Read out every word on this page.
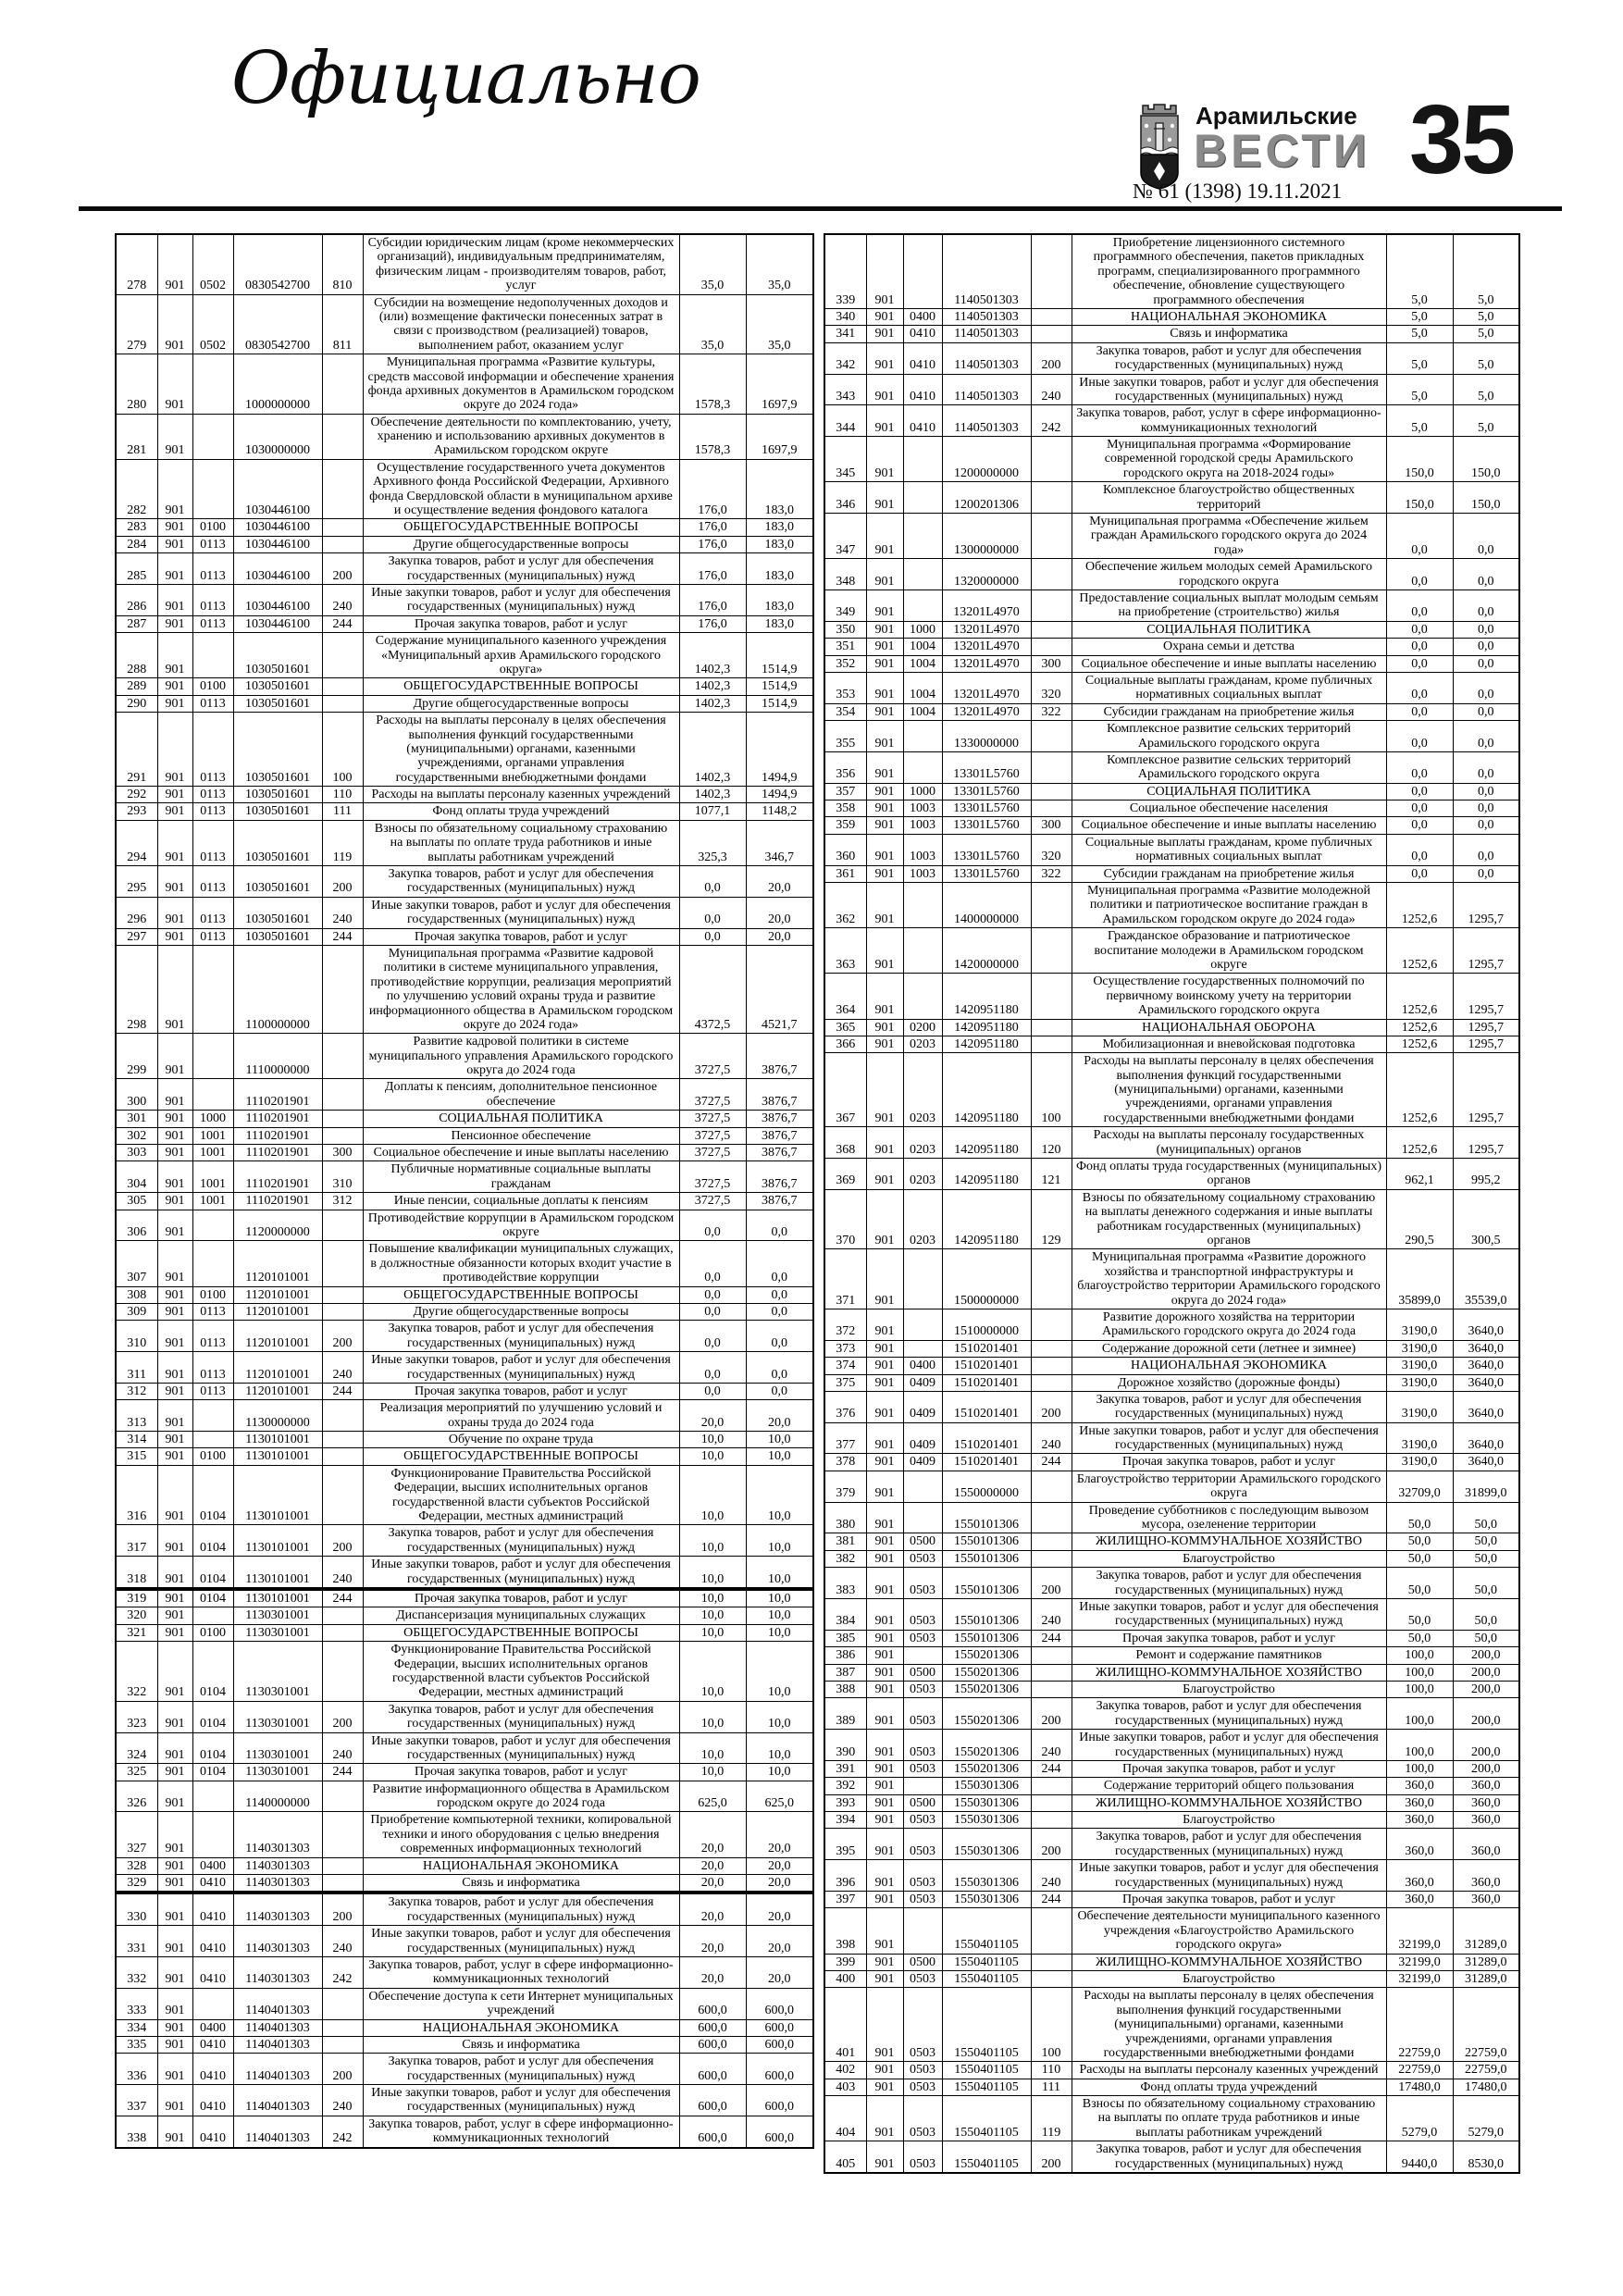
Официально	Арамильские
ВЕСТИ
№ 61 (1398) 19.11.2021 35
278	901	0502	0830542700	810	Субсидии юридическим лицам (кроме некоммерческих организаций), индивидуальным предпринимателям, физическим лицам - производителям товаров, работ, услуг	35,0	35,0
279	901	0502	0830542700	811	Субсидии на возмещение недополученных доходов и (или) возмещение фактически понесенных затрат в связи с производством (реализацией) товаров, выполнением работ, оказанием услуг	35,0	35,0
280	901		1000000000		Муниципальная программа «Развитие культуры, средств массовой информации и обеспечение хранения фонда архивных документов в Арамильском городском округе до 2024 года»	1578,3	1697,9
281	901		1030000000		Обеспечение деятельности по комплектованию, учету, хранению и использованию архивных документов в Арамильском городском округе	1578,3	1697,9
282	901		1030446100		Осуществление государственного учета документов Архивного фонда Российской Федерации, Архивного фонда Свердловской области в муниципальном архиве и осуществление ведения фондового каталога	176,0	183,0
283	901	0100	1030446100		ОБЩЕГОСУДАРСТВЕННЫЕ ВОПРОСЫ	176,0	183,0
284	901	0113	1030446100		Другие общегосударственные вопросы	176,0	183,0
285	901	0113	1030446100	200	Закупка товаров, работ и услуг для обеспечения государственных (муниципальных) нужд	176,0	183,0
286	901	0113	1030446100	240	Иные закупки товаров, работ и услуг для обеспечения государственных (муниципальных) нужд	176,0	183,0
287	901	0113	1030446100	244	Прочая закупка товаров, работ и услуг	176,0	183,0
288	901		1030501601		Содержание муниципального казенного учреждения «Муниципальный архив Арамильского городского округа»	1402,3	1514,9
289	901	0100	1030501601		ОБЩЕГОСУДАРСТВЕННЫЕ ВОПРОСЫ	1402,3	1514,9
290	901	0113	1030501601		Другие общегосударственные вопросы	1402,3	1514,9
291	901	0113	1030501601	100	Расходы на выплаты персоналу в целях обеспечения выполнения функций государственными (муниципальными) органами, казенными учреждениями, органами управления государственными внебюджетными фондами	1402,3	1494,9
292	901	0113	1030501601	110	Расходы на выплаты персоналу казенных учреждений	1402,3	1494,9
293	901	0113	1030501601	111	Фонд оплаты труда учреждений	1077,1	1148,2
294	901	0113	1030501601	119	Взносы по обязательному социальному страхованию на выплаты по оплате труда работников и иные выплаты работникам учреждений	325,3	346,7
295	901	0113	1030501601	200	Закупка товаров, работ и услуг для обеспечения государственных (муниципальных) нужд	0,0	20,0
296	901	0113	1030501601	240	Иные закупки товаров, работ и услуг для обеспечения государственных (муниципальных) нужд	0,0	20,0
297	901	0113	1030501601	244	Прочая закупка товаров, работ и услуг	0,0	20,0
298	901		1100000000		Муниципальная программа «Развитие кадровой политики в системе муниципального управления, противодействие коррупции, реализация мероприятий по улучшению условий охраны труда и развитие информационного общества в Арамильском городском округе до 2024 года»	4372,5	4521,7
299	901		1110000000		Развитие кадровой политики в системе муниципального управления Арамильского городского округа до 2024 года	3727,5	3876,7
300	901		1110201901		Доплаты к пенсиям, дополнительное пенсионное обеспечение	3727,5	3876,7
301	901	1000	1110201901		СОЦИАЛЬНАЯ ПОЛИТИКА	3727,5	3876,7
302	901	1001	1110201901		Пенсионное обеспечение	3727,5	3876,7
303	901	1001	1110201901	300	Социальное обеспечение и иные выплаты населению	3727,5	3876,7
304	901	1001	1110201901	310	Публичные нормативные социальные выплаты гражданам	3727,5	3876,7
305	901	1001	1110201901	312	Иные пенсии, социальные доплаты к пенсиям	3727,5	3876,7
306	901		1120000000		Противодействие коррупции в Арамильском городском округе	0,0	0,0
307	901		1120101001		Повышение квалификации муниципальных служащих, в должностные обязанности которых входит участие в противодействие коррупции	0,0	0,0
308	901	0100	1120101001		ОБЩЕГОСУДАРСТВЕННЫЕ ВОПРОСЫ	0,0	0,0
309	901	0113	1120101001		Другие общегосударственные вопросы	0,0	0,0
310	901	0113	1120101001	200	Закупка товаров, работ и услуг для обеспечения государственных (муниципальных) нужд	0,0	0,0
311	901	0113	1120101001	240	Иные закупки товаров, работ и услуг для обеспечения государственных (муниципальных) нужд	0,0	0,0
312	901	0113	1120101001	244	Прочая закупка товаров, работ и услуг	0,0	0,0
313	901		1130000000		Реализация мероприятий по улучшению условий и охраны труда до 2024 года	20,0	20,0
314	901		1130101001		Обучение по охране труда	10,0	10,0
315	901	0100	1130101001		ОБЩЕГОСУДАРСТВЕННЫЕ ВОПРОСЫ	10,0	10,0
316	901	0104	1130101001		Функционирование Правительства Российской Федерации, высших исполнительных органов государственной власти субъектов Российской Федерации, местных администраций	10,0	10,0
317	901	0104	1130101001	200	Закупка товаров, работ и услуг для обеспечения государственных (муниципальных) нужд	10,0	10,0
318	901	0104	1130101001	240	Иные закупки товаров, работ и услуг для обеспечения государственных (муниципальных) нужд	10,0	10,0
319	901	0104	1130101001	244	Прочая закупка товаров, работ и услуг	10,0	10,0
320	901		1130301001		Диспансеризация муниципальных служащих	10,0	10,0
321	901	0100	1130301001		ОБЩЕГОСУДАРСТВЕННЫЕ ВОПРОСЫ	10,0	10,0
322	901	0104	1130301001		Функционирование Правительства Российской Федерации, высших исполнительных органов государственной власти субъектов Российской Федерации, местных администраций	10,0	10,0
323	901	0104	1130301001	200	Закупка товаров, работ и услуг для обеспечения государственных (муниципальных) нужд	10,0	10,0
324	901	0104	1130301001	240	Иные закупки товаров, работ и услуг для обеспечения государственных (муниципальных) нужд	10,0	10,0
325	901	0104	1130301001	244	Прочая закупка товаров, работ и услуг	10,0	10,0
326	901		1140000000		Развитие информационного общества в Арамильском городском округе до 2024 года	625,0	625,0
327	901		1140301303		Приобретение компьютерной техники, копировальной техники и иного оборудования с целью внедрения современных информационных технологий	20,0	20,0
328	901	0400	1140301303		НАЦИОНАЛЬНАЯ ЭКОНОМИКА	20,0	20,0
329	901	0410	1140301303		Связь и информатика	20,0	20,0
330	901	0410	1140301303	200	Закупка товаров, работ и услуг для обеспечения государственных (муниципальных) нужд	20,0	20,0
331	901	0410	1140301303	240	Иные закупки товаров, работ и услуг для обеспечения государственных (муниципальных) нужд	20,0	20,0
332	901	0410	1140301303	242	Закупка товаров, работ, услуг в сфере информационно-коммуникационных технологий	20,0	20,0
333	901		1140401303		Обеспечение доступа к сети Интернет муниципальных учреждений	600,0	600,0
334	901	0400	1140401303		НАЦИОНАЛЬНАЯ ЭКОНОМИКА	600,0	600,0
335	901	0410	1140401303		Связь и информатика	600,0	600,0
336	901	0410	1140401303	200	Закупка товаров, работ и услуг для обеспечения государственных (муниципальных) нужд	600,0	600,0
337	901	0410	1140401303	240	Иные закупки товаров, работ и услуг для обеспечения государственных (муниципальных) нужд	600,0	600,0
338	901	0410	1140401303	242	Закупка товаров, работ, услуг в сфере информационно-коммуникационных технологий	600,0	600,0
339	901		1140501303		Приобретение лицензионного системного программного обеспечения, пакетов прикладных программ, специализированного программного обеспечение, обновление существующего программного обеспечения	5,0	5,0
340	901	0400	1140501303		НАЦИОНАЛЬНАЯ ЭКОНОМИКА	5,0	5,0
341	901	0410	1140501303		Связь и информатика	5,0	5,0
342	901	0410	1140501303	200	Закупка товаров, работ и услуг для обеспечения государственных (муниципальных) нужд	5,0	5,0
343	901	0410	1140501303	240	Иные закупки товаров, работ и услуг для обеспечения государственных (муниципальных) нужд	5,0	5,0
344	901	0410	1140501303	242	Закупка товаров, работ, услуг в сфере информационно-коммуникационных технологий	5,0	5,0
345	901		1200000000		Муниципальная программа «Формирование современной городской среды Арамильского городского округа на 2018-2024 годы»	150,0	150,0
346	901		1200201306		Комплексное благоустройство общественных территорий	150,0	150,0
347	901		1300000000		Муниципальная программа «Обеспечение жильем граждан Арамильского городского округа до 2024 года»	0,0	0,0
348	901		1320000000		Обеспечение жильем молодых семей Арамильского городского округа	0,0	0,0
349	901		13201L4970		Предоставление социальных выплат молодым семьям на приобретение (строительство) жилья	0,0	0,0
350	901	1000	13201L4970		СОЦИАЛЬНАЯ ПОЛИТИКА	0,0	0,0
351	901	1004	13201L4970		Охрана семьи и детства	0,0	0,0
352	901	1004	13201L4970	300	Социальное обеспечение и иные выплаты населению	0,0	0,0
353	901	1004	13201L4970	320	Социальные выплаты гражданам, кроме публичных нормативных социальных выплат	0,0	0,0
354	901	1004	13201L4970	322	Субсидии гражданам на приобретение жилья	0,0	0,0
355	901		1330000000		Комплексное развитие сельских территорий Арамильского городского округа	0,0	0,0
356	901		13301L5760		Комплексное развитие сельских территорий Арамильского городского округа	0,0	0,0
357	901	1000	13301L5760		СОЦИАЛЬНАЯ ПОЛИТИКА	0,0	0,0
358	901	1003	13301L5760		Социальное обеспечение населения	0,0	0,0
359	901	1003	13301L5760	300	Социальное обеспечение и иные выплаты населению	0,0	0,0
360	901	1003	13301L5760	320	Социальные выплаты гражданам, кроме публичных нормативных социальных выплат	0,0	0,0
361	901	1003	13301L5760	322	Субсидии гражданам на приобретение жилья	0,0	0,0
362	901		1400000000		Муниципальная программа «Развитие молодежной политики и патриотическое воспитание граждан в Арамильском городском округе до 2024 года»	1252,6	1295,7
363	901		1420000000		Гражданское образование и патриотическое воспитание молодежи в Арамильском городском округе	1252,6	1295,7
364	901		1420951180		Осуществление государственных полномочий по первичному воинскому учету на территории Арамильского городского округа	1252,6	1295,7
365	901	0200	1420951180		НАЦИОНАЛЬНАЯ ОБОРОНА	1252,6	1295,7
366	901	0203	1420951180		Мобилизационная и вневойсковая подготовка	1252,6	1295,7
367	901	0203	1420951180	100	Расходы на выплаты персоналу в целях обеспечения выполнения функций государственными (муниципальными) органами, казенными учреждениями, органами управления государственными внебюджетными фондами	1252,6	1295,7
368	901	0203	1420951180	120	Расходы на выплаты персоналу государственных (муниципальных) органов	1252,6	1295,7
369	901	0203	1420951180	121	Фонд оплаты труда государственных (муниципальных) органов	962,1	995,2
370	901	0203	1420951180	129	Взносы по обязательному социальному страхованию на выплаты денежного содержания и иные выплаты работникам государственных (муниципальных) органов	290,5	300,5
371	901		1500000000		Муниципальная программа «Развитие дорожного хозяйства и транспортной инфраструктуры и благоустройство территории Арамильского городского округа до 2024 года»	35899,0	35539,0
372	901		1510000000		Развитие дорожного хозяйства на территории Арамильского городского округа до 2024 года	3190,0	3640,0
373	901		1510201401		Содержание дорожной сети (летнее и зимнее)	3190,0	3640,0
374	901	0400	1510201401		НАЦИОНАЛЬНАЯ ЭКОНОМИКА	3190,0	3640,0
375	901	0409	1510201401		Дорожное хозяйство (дорожные фонды)	3190,0	3640,0
376	901	0409	1510201401	200	Закупка товаров, работ и услуг для обеспечения государственных (муниципальных) нужд	3190,0	3640,0
377	901	0409	1510201401	240	Иные закупки товаров, работ и услуг для обеспечения государственных (муниципальных) нужд	3190,0	3640,0
378	901	0409	1510201401	244	Прочая закупка товаров, работ и услуг	3190,0	3640,0
379	901		1550000000		Благоустройство территории Арамильского городского округа	32709,0	31899,0
380	901		1550101306		Проведение субботников с последующим вывозом мусора, озеленение территории	50,0	50,0
381	901	0500	1550101306		ЖИЛИЩНО-КОММУНАЛЬНОЕ ХОЗЯЙСТВО	50,0	50,0
382	901	0503	1550101306		Благоустройство	50,0	50,0
383	901	0503	1550101306	200	Закупка товаров, работ и услуг для обеспечения государственных (муниципальных) нужд	50,0	50,0
384	901	0503	1550101306	240	Иные закупки товаров, работ и услуг для обеспечения государственных (муниципальных) нужд	50,0	50,0
385	901	0503	1550101306	244	Прочая закупка товаров, работ и услуг	50,0	50,0
386	901		1550201306		Ремонт и содержание памятников	100,0	200,0
387	901	0500	1550201306		ЖИЛИЩНО-КОММУНАЛЬНОЕ ХОЗЯЙСТВО	100,0	200,0
388	901	0503	1550201306		Благоустройство	100,0	200,0
389	901	0503	1550201306	200	Закупка товаров, работ и услуг для обеспечения государственных (муниципальных) нужд	100,0	200,0
390	901	0503	1550201306	240	Иные закупки товаров, работ и услуг для обеспечения государственных (муниципальных) нужд	100,0	200,0
391	901	0503	1550201306	244	Прочая закупка товаров, работ и услуг	100,0	200,0
392	901		1550301306		Содержание территорий общего пользования	360,0	360,0
393	901	0500	1550301306		ЖИЛИЩНО-КОММУНАЛЬНОЕ ХОЗЯЙСТВО	360,0	360,0
394	901	0503	1550301306		Благоустройство	360,0	360,0
395	901	0503	1550301306	200	Закупка товаров, работ и услуг для обеспечения государственных (муниципальных) нужд	360,0	360,0
396	901	0503	1550301306	240	Иные закупки товаров, работ и услуг для обеспечения государственных (муниципальных) нужд	360,0	360,0
397	901	0503	1550301306	244	Прочая закупка товаров, работ и услуг	360,0	360,0
398	901		1550401105		Обеспечение деятельности муниципального казенного учреждения «Благоустройство Арамильского городского округа»	32199,0	31289,0
399	901	0500	1550401105		ЖИЛИЩНО-КОММУНАЛЬНОЕ ХОЗЯЙСТВО	32199,0	31289,0
400	901	0503	1550401105		Благоустройство	32199,0	31289,0
401	901	0503	1550401105	100	Расходы на выплаты персоналу в целях обеспечения выполнения функций государственными (муниципальными) органами, казенными учреждениями, органами управления государственными внебюджетными фондами	22759,0	22759,0
402	901	0503	1550401105	110	Расходы на выплаты персоналу казенных учреждений	22759,0	22759,0
403	901	0503	1550401105	111	Фонд оплаты труда учреждений	17480,0	17480,0
404	901	0503	1550401105	119	Взносы по обязательному социальному страхованию на выплаты по оплате труда работников и иные выплаты работникам учреждений	5279,0	5279,0
405	901	0503	1550401105	200	Закупка товаров, работ и услуг для обеспечения государственных (муниципальных) нужд	9440,0	8530,0
